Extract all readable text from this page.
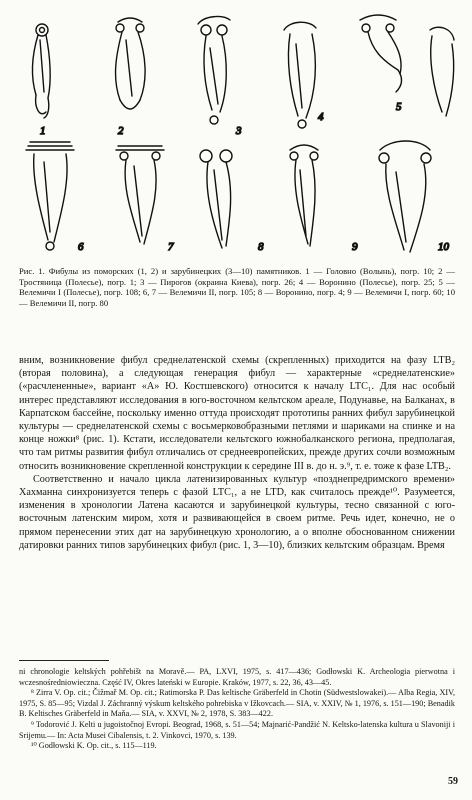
1	2	3
4
5
6	7	8	9	10
Рис. 1. Фибулы из поморских (1, 2) и зарубинецких (3—10) памятников. 1 — Головно (Волынь), погр. 10; 2 — Тростяница (Полесье), погр. 1; 3 — Пирогов (окраина Киева), погр. 26; 4 — Воронино (Полесье), погр. 25; 5 — Велемичи I (Полесье), погр. 108; 6, 7 — Велемичи II, погр. 105; 8 — Воронино, погр. 4; 9 — Велемичи I, погр. 60; 10 — Велемичи II, погр. 80

вним, возникновение фибул среднелатенской схемы (скрепленных) приходится на фазу LTB₂ (вторая половина), а следующая генерация фибул — характерные «среднелатенские» («расчлененные», вариант «А» Ю. Костшевского) относится к началу LTC₁. Для нас особый интерес представляют исследования в юго-восточном кельтском ареале, Подунавье, на Балканах, в Карпатском бассейне, поскольку именно оттуда происходят прототипы ранних фибул зарубинецкой культуры — среднелатенской схемы с восьмерковобразными петлями и шариками на спинке и на конце ножки⁸ (рис. 1). Кстати, исследователи кельтского южнобалканского региона, предполагая, что там ритмы развития фибул отличались от среднеевропейских, прежде других сочли возможным относить возникновение скрепленной конструкции к середине III в. до н. э.⁹, т. е. тоже к фазе LTB₂.

Соответственно и начало цикла латенизированных культур «позднепредримского времени» Хахманна синхронизуется теперь с фазой LTC₁, а не LTD, как считалось прежде¹⁰. Разумеется, изменения в хронологии Латена касаются и зарубинецкой культуры, тесно связанной с юго-восточным латенским миром, хотя и развивающейся в своем ритме. Речь идет, конечно, не о прямом перенесении этих дат на зарубинецкую хронологию, а о вполне обоснованном снижении датировки ранних типов зарубинецких фибул (рис. 1, 3—10), близких кельтским образцам. Время

ni chronologie keltských pohřebišt na Moravě.— PA, LXVI, 1975, s. 417—436; Godłowski K. Archeologia pierwotna i wczesnośredniowieczna. Część IV, Okres lateński w Europie. Kraków, 1977, s. 22, 36, 43—45.
⁸ Zirra V. Op. cit.; Čižmař M. Op. cit.; Ratimorska P. Das keltische Gräberfeld in Chotin (Südwestslowakei).— Alba Regia, XIV, 1975, S. 85—95; Vizdal J. Záchranný výskum keltského pohrebiska v Ižkovcach.— SIA, v. XXIV, № 1, 1976, s. 151—190; Benadik B. Keltisches Gräberfeld in Maňa.— SIA, v. XXVI, № 2, 1978, S. 383—422.
⁹ Todorović J. Kelti u jugoistočnoj Evropi. Beograd, 1968, s. 51—54; Majnarić-Pandžić N. Keltsko-latenska kultura u Slavoniji i Srijemu.— In: Acta Musei Cibalensis, t. 2. Vinkovci, 1970, s. 139.
¹⁰ Godłowski K. Op. cit., s. 115—119.
59
